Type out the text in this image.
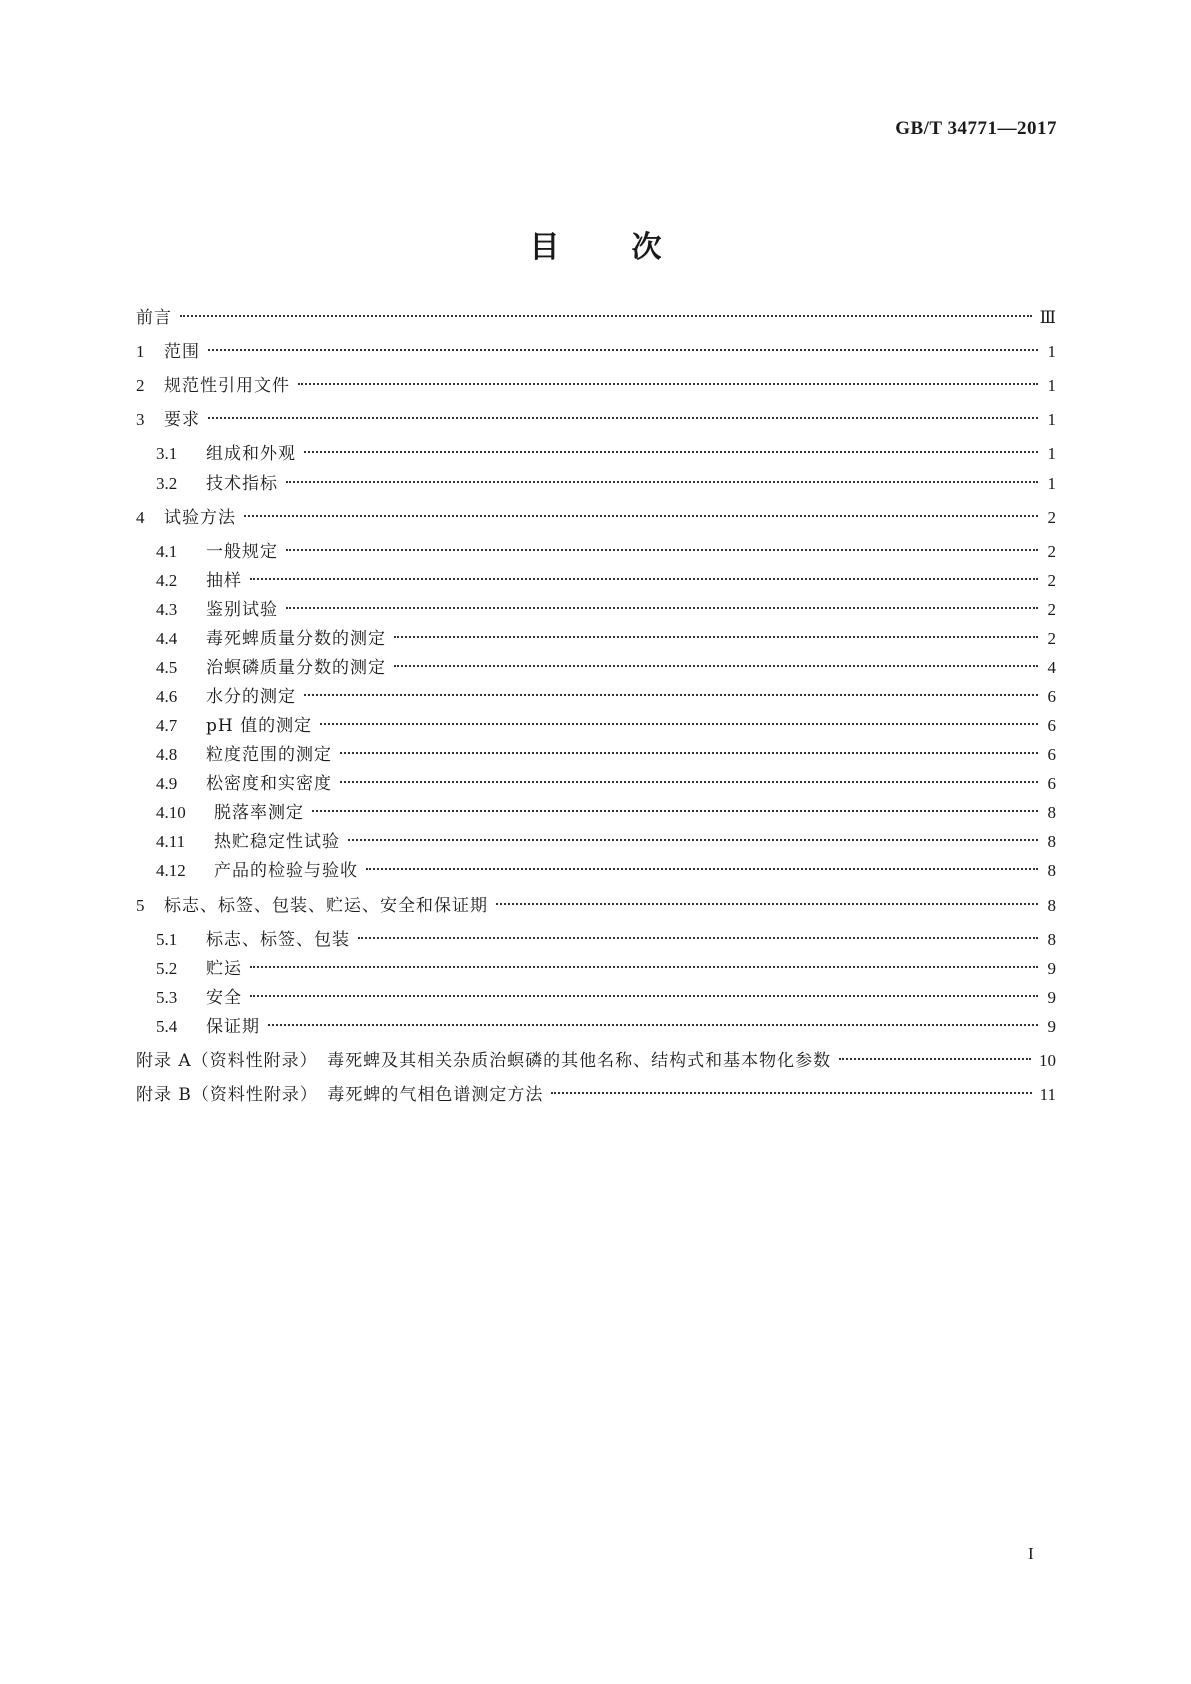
GB/T 34771—2017
目 次
前言	Ⅲ
1	范围	1
2	规范性引用文件	1
3	要求	1
3.1	组成和外观	1
3.2	技术指标	1
4	试验方法	2
4.1	一般规定	2
4.2	抽样	2
4.3	鉴别试验	2
4.4	毒死蜱质量分数的测定	2
4.5	治螟磷质量分数的测定	4
4.6	水分的测定	6
4.7	pH 值的测定	6
4.8	粒度范围的测定	6
4.9	松密度和实密度	6
4.10	脱落率测定	8
4.11	热贮稳定性试验	8
4.12	产品的检验与验收	8
5	标志、标签、包装、贮运、安全和保证期	8
5.1	标志、标签、包装	8
5.2	贮运	9
5.3	安全	9
5.4	保证期	9
附录 A（资料性附录）　毒死蜱及其相关杂质治螟磷的其他名称、结构式和基本物化参数	10
附录 B（资料性附录）　毒死蜱的气相色谱测定方法	11
I
